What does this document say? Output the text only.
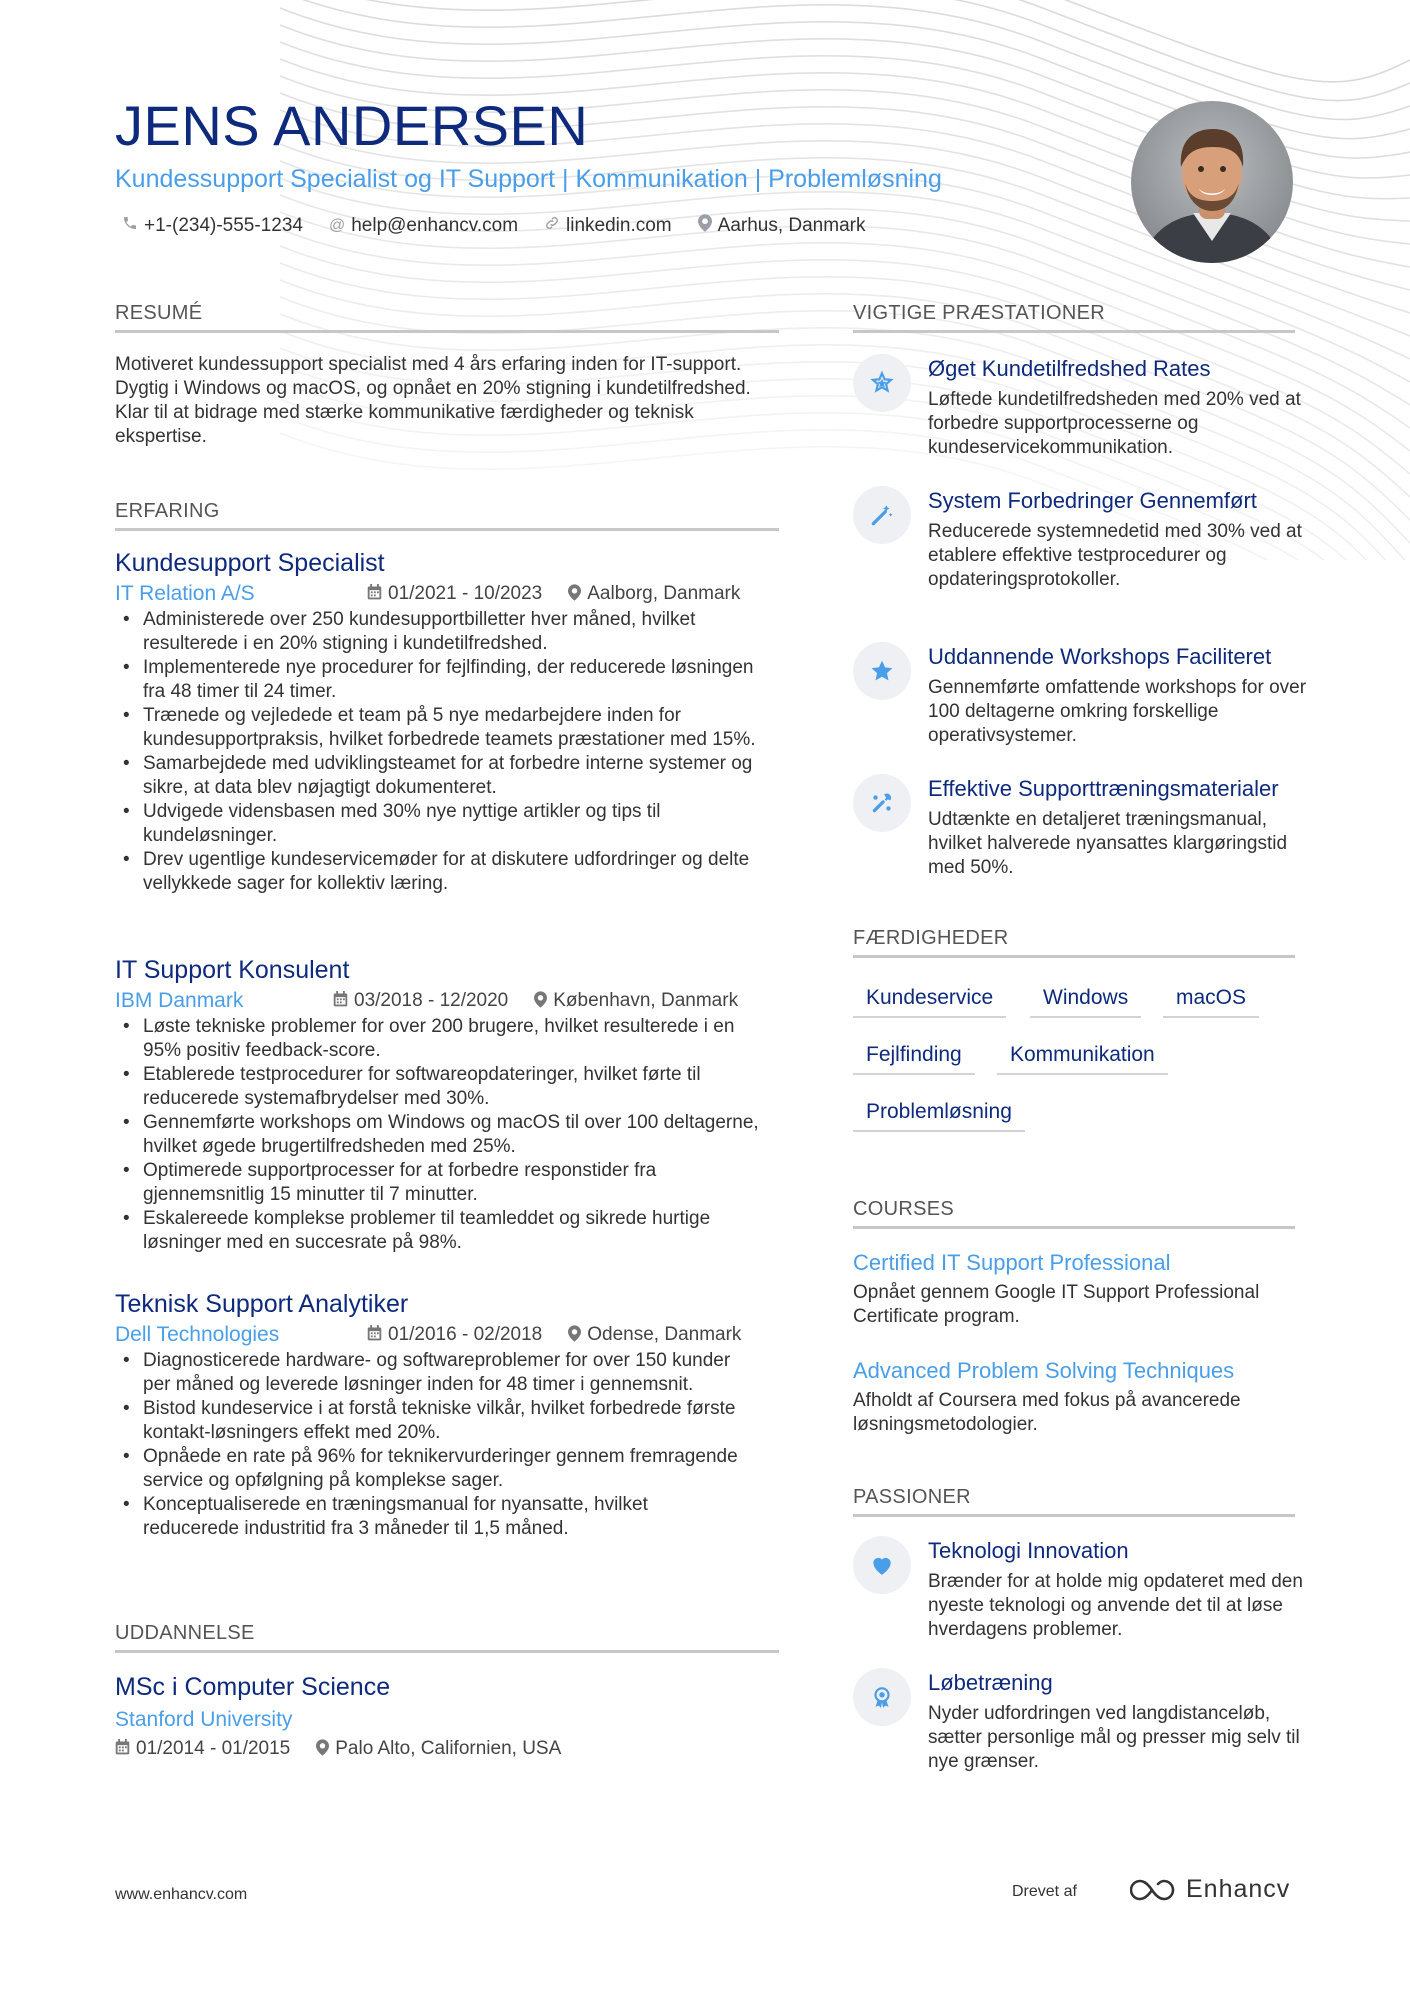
JENS ANDERSEN
Kundessupport Specialist og IT Support | Kommunikation | Problemløsning
+1-(234)-555-1234 @ help@enhancv.com	linkedin.com Aarhus, Danmark
RESUMÉ

Motiveret kundessupport specialist med 4 års erfaring inden for IT-support. Dygtig i Windows og macOS, og opnået en 20% stigning i kundetilfredshed. Klar til at bidrage med stærke kommunikative færdigheder og teknisk ekspertise.

ERFARING
Kundesupport Specialist
IT Relation A/S	01/2021 - 10/2023 Aalborg, Danmark
• Administerede over 250 kundesupportbilletter hver måned, hvilket resulterede i en 20% stigning i kundetilfredshed.
• Implementerede nye procedurer for fejlfinding, der reducerede løsningen fra 48 timer til 24 timer.
• Trænede og vejledede et team på 5 nye medarbejdere inden for kundesupportpraksis, hvilket forbedrede teamets præstationer med 15%.
• Samarbejdede med udviklingsteamet for at forbedre interne systemer og sikre, at data blev nøjagtigt dokumenteret.
• Udvigede vidensbasen med 30% nye nyttige artikler og tips til kundeløsninger.
• Drev ugentlige kundeservicemøder for at diskutere udfordringer og delte vellykkede sager for kollektiv læring.
IT Support Konsulent
IBM Danmark	03/2018 - 12/2020 København, Danmark
• Løste tekniske problemer for over 200 brugere, hvilket resulterede i en 95% positiv feedback-score.
• Etablerede testprocedurer for softwareopdateringer, hvilket førte til reducerede systemafbrydelser med 30%.
• Gennemførte workshops om Windows og macOS til over 100 deltagerne, hvilket øgede brugertilfredsheden med 25%.
• Optimerede supportprocesser for at forbedre responstider fra gjennemsnitlig 15 minutter til 7 minutter.
• Eskalereede komplekse problemer til teamleddet og sikrede hurtige løsninger med en succesrate på 98%.
Teknisk Support Analytiker
Dell Technologies	01/2016 - 02/2018 Odense, Danmark
• Diagnosticerede hardware- og softwareproblemer for over 150 kunder per måned og leverede løsninger inden for 48 timer i gennemsnit.
• Bistod kundeservice i at forstå tekniske vilkår, hvilket forbedrede første kontakt-løsningers effekt med 20%.
• Opnåede en rate på 96% for teknikervurderinger gennem fremragende service og opfølgning på komplekse sager.
• Konceptualiserede en træningsmanual for nyansatte, hvilket reducerede industritid fra 3 måneder til 1,5 måned.
UDDANNELSE
MSc i Computer Science
Stanford University
01/2014 - 01/2015 Palo Alto, Californien, USA
VIGTIGE PRÆSTATIONER
Øget Kundetilfredshed Rates
Løftede kundetilfredsheden med 20% ved at forbedre supportprocesserne og kundeservicekommunikation.
System Forbedringer Gennemført
Reducerede systemnedetid med 30% ved at etablere effektive testprocedurer og opdateringsprotokoller.
Uddannende Workshops Faciliteret
Gennemførte omfattende workshops for over 100 deltagerne omkring forskellige operativsystemer.
Effektive Supporttræningsmaterialer
Udtænkte en detaljeret træningsmanual, hvilket halverede nyansattes klargøringstid med 50%.
FÆRDIGHEDER
Kundeservice	Windows	macOS
Fejlfinding	Kommunikation
Problemløsning
COURSES
Certified IT Support Professional
Opnået gennem Google IT Support Professional Certificate program.
Advanced Problem Solving Techniques
Afholdt af Coursera med fokus på avancerede løsningsmetodologier.
PASSIONER
Teknologi Innovation
Brænder for at holde mig opdateret med den nyeste teknologi og anvende det til at løse hverdagens problemer.
Løbetræning
Nyder udfordringen ved langdistanceløb, sætter personlige mål og presser mig selv til nye grænser.
www.enhancv.com	Drevet af	Enhancv
